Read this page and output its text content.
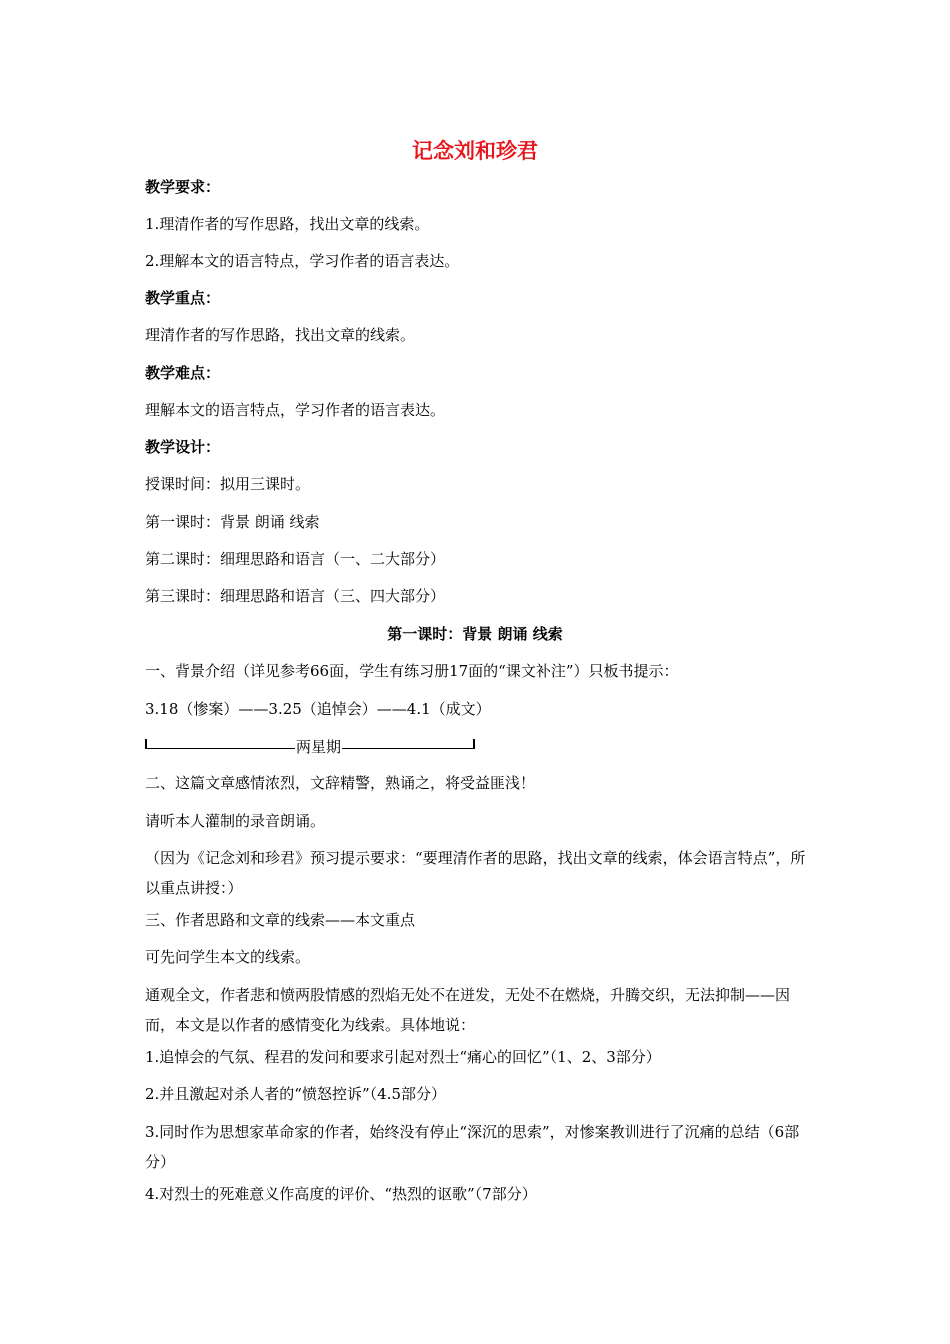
记念刘和珍君
教学要求：
1.理清作者的写作思路，找出文章的线索。
2.理解本文的语言特点，学习作者的语言表达。
教学重点：
理清作者的写作思路，找出文章的线索。
教学难点：
理解本文的语言特点，学习作者的语言表达。
教学设计：
授课时间：拟用三课时。
第一课时：背景 朗诵 线索
第二课时：细理思路和语言（一、二大部分）
第三课时：细理思路和语言（三、四大部分）
第一课时：背景 朗诵 线索
一、背景介绍（详见参考66面，学生有练习册17面的“课文补注”）只板书提示：
3.18（惨案）——3.25（追悼会）——4.1（成文）
两星期
二、这篇文章感情浓烈，文辞精警，熟诵之，将受益匪浅！
请听本人灌制的录音朗诵。
（因为《记念刘和珍君》预习提示要求：“要理清作者的思路，找出文章的线索，体会语言特点”，所以重点讲授：）
三、作者思路和文章的线索——本文重点
可先问学生本文的线索。
通观全文，作者悲和愤两股情感的烈焰无处不在迸发，无处不在燃烧，升腾交织，无法抑制——因而，本文是以作者的感情变化为线索。具体地说：
1.追悼会的气氛、程君的发问和要求引起对烈士“痛心的回忆”（1、2、3部分）
2.并且激起对杀人者的“愤怒控诉”（4.5部分）
3.同时作为思想家革命家的作者，始终没有停止“深沉的思索”，对惨案教训进行了沉痛的总结（6部分）
4.对烈士的死难意义作高度的评价、“热烈的讴歌”（7部分）
